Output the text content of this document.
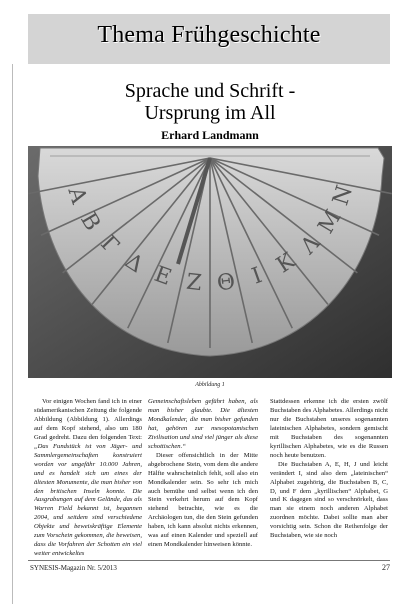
Thema Frühgeschichte
Sprache und Schrift -
Ursprung im All
Erhard Landmann
A
B
Г
Δ E Z Θ I K
Λ
M
N
Abbildung 1

Vor einigen Wochen fand ich in einer südamerikanischen Zeitung die folgende Abbildung (Abbildung 1). Allerdings auf dem Kopf stehend, also um 180 Grad gedreht. Dazu den folgenden Text: „Das Fundstück ist von Jäger- und Sammlergemeinschaften konstruiert worden vor ungefähr 10.000 Jahren, und es handelt sich um eines der ältesten Monumente, die man bisher von den britischen Inseln konnte. Die Ausgrabungen auf dem Gelände, das als Warren Field bekannt ist, begannen 2004, und seitdem sind verschiedene Objekte und beweiskräftige Elemente zum Vorschein gekommen, die beweisen, dass die Vorfahren der Schotten ein viel weiter entwickeltes

Gemeinschaftsleben geführt haben, als man bisher glaubte. Die ältesten Mondkalender, die man bisher gefunden hat, gehören zur mesopotamischen Zivilisation und sind viel jünger als diese schottischen.“

Dieser offensichtlich in der Mitte abgebrochene Stein, vom dem die andere Hälfte wahrscheinlich fehlt, soll also ein Mondkalender sein. So sehr ich mich auch bemühe und selbst wenn ich den Stein verkehrt herum auf dem Kopf stehend betrachte, wie es die Archäologen tun, die den Stein gefunden haben, ich kann absolut nichts erkennen, was auf einen Kalender und speziell auf einen Mondkalender hinweisen könnte.

Stattdessen erkenne ich die ersten zwölf Buchstaben des Alphabetes. Allerdings nicht nur die Buchstaben unseres sogenannten lateinischen Alphabetes, sondern gemischt mit Buchstaben des sogenannten kyrillischen Alphabetes, wie es die Russen noch heute benutzen.

Die Buchstaben A, E, H, J und leicht verändert I, sind also dem „lateinischen“ Alphabet zugehörig, die Buchstaben B, C, D, und F dem „kyrillischen“ Alphabet, G und K dagegen sind so verschnörkelt, dass man sie einem noch anderen Alphabet zuordnen möchte. Dabei sollte man aber vorsichtig sein. Schon die Reihenfolge der Buchstaben, wie sie noch

SYNESIS-Magazin Nr. 5/2013	27
